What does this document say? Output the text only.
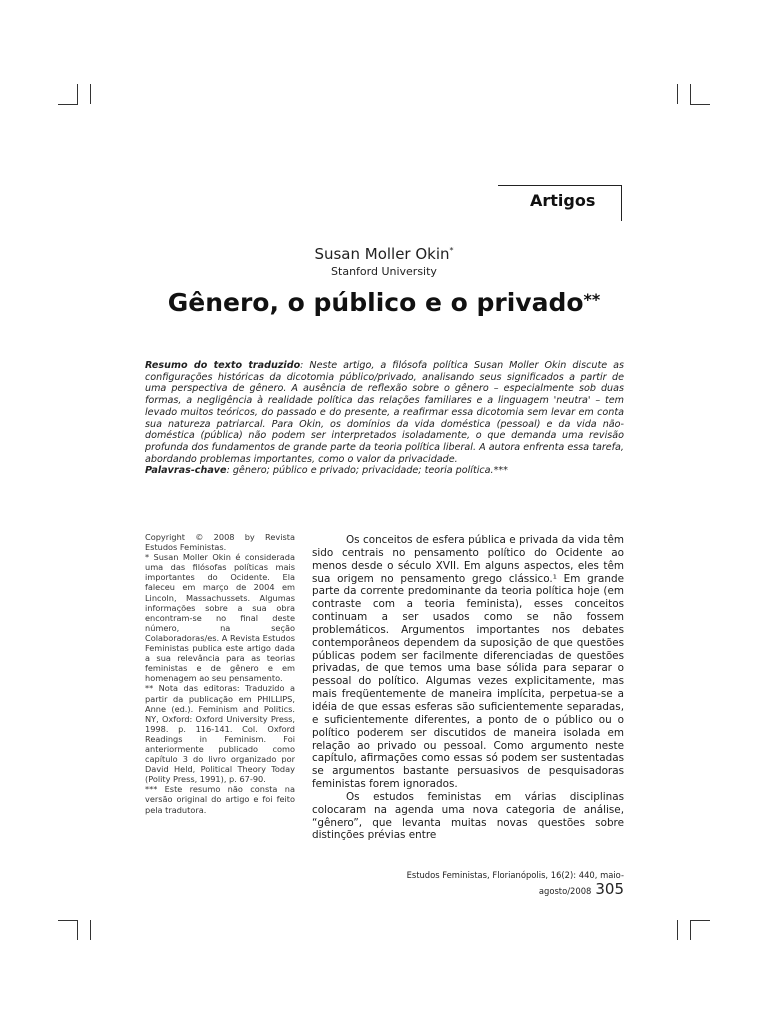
Artigos
Susan Moller Okin*
Stanford University
Gênero, o público e o privado**
Resumo do texto traduzido: Neste artigo, a filósofa política Susan Moller Okin discute as configurações históricas da dicotomia público/privado, analisando seus significados a partir de uma perspectiva de gênero. A ausência de reflexão sobre o gênero – especialmente sob duas formas, a negligência à realidade política das relações familiares e a linguagem 'neutra' – tem levado muitos teóricos, do passado e do presente, a reafirmar essa dicotomia sem levar em conta sua natureza patriarcal. Para Okin, os domínios da vida doméstica (pessoal) e da vida não-doméstica (pública) não podem ser interpretados isoladamente, o que demanda uma revisão profunda dos fundamentos de grande parte da teoria política liberal. A autora enfrenta essa tarefa, abordando problemas importantes, como o valor da privacidade.
Palavras-chave: gênero; público e privado; privacidade; teoria política.***

Copyright © 2008 by Revista Estudos Feministas.

* Susan Moller Okin é considerada uma das filósofas políticas mais importantes do Ocidente. Ela faleceu em março de 2004 em Lincoln, Massachussets. Algumas informações sobre a sua obra encontram-se no final deste número, na seção Colaboradoras/es. A Revista Estudos Feministas publica este artigo dada a sua relevância para as teorias feministas e de gênero e em homenagem ao seu pensamento.

** Nota das editoras: Traduzido a partir da publicação em PHILLIPS, Anne (ed.). Feminism and Politics. NY, Oxford: Oxford University Press, 1998. p. 116-141. Col. Oxford Readings in Feminism. Foi anteriormente publicado como capítulo 3 do livro organizado por David Held, Political Theory Today (Polity Press, 1991), p. 67-90.

*** Este resumo não consta na versão original do artigo e foi feito pela tradutora.

Os conceitos de esfera pública e privada da vida têm sido centrais no pensamento político do Ocidente ao menos desde o século XVII. Em alguns aspectos, eles têm sua origem no pensamento grego clássico.¹ Em grande parte da corrente predominante da teoria política hoje (em contraste com a teoria feminista), esses conceitos continuam a ser usados como se não fossem problemáticos. Argumentos importantes nos debates contemporâneos dependem da suposição de que questões públicas podem ser facilmente diferenciadas de questões privadas, de que temos uma base sólida para separar o pessoal do político. Algumas vezes explicitamente, mas mais freqüentemente de maneira implícita, perpetua-se a idéia de que essas esferas são suficientemente separadas, e suficientemente diferentes, a ponto de o público ou o político poderem ser discutidos de maneira isolada em relação ao privado ou pessoal. Como argumento neste capítulo, afirmações como essas só podem ser sustentadas se argumentos bastante persuasivos de pesquisadoras feministas forem ignorados.

Os estudos feministas em várias disciplinas colocaram na agenda uma nova categoria de análise, “gênero”, que levanta muitas novas questões sobre distinções prévias entre

Estudos Feministas, Florianópolis, 16(2): 440, maio-agosto/2008 305
